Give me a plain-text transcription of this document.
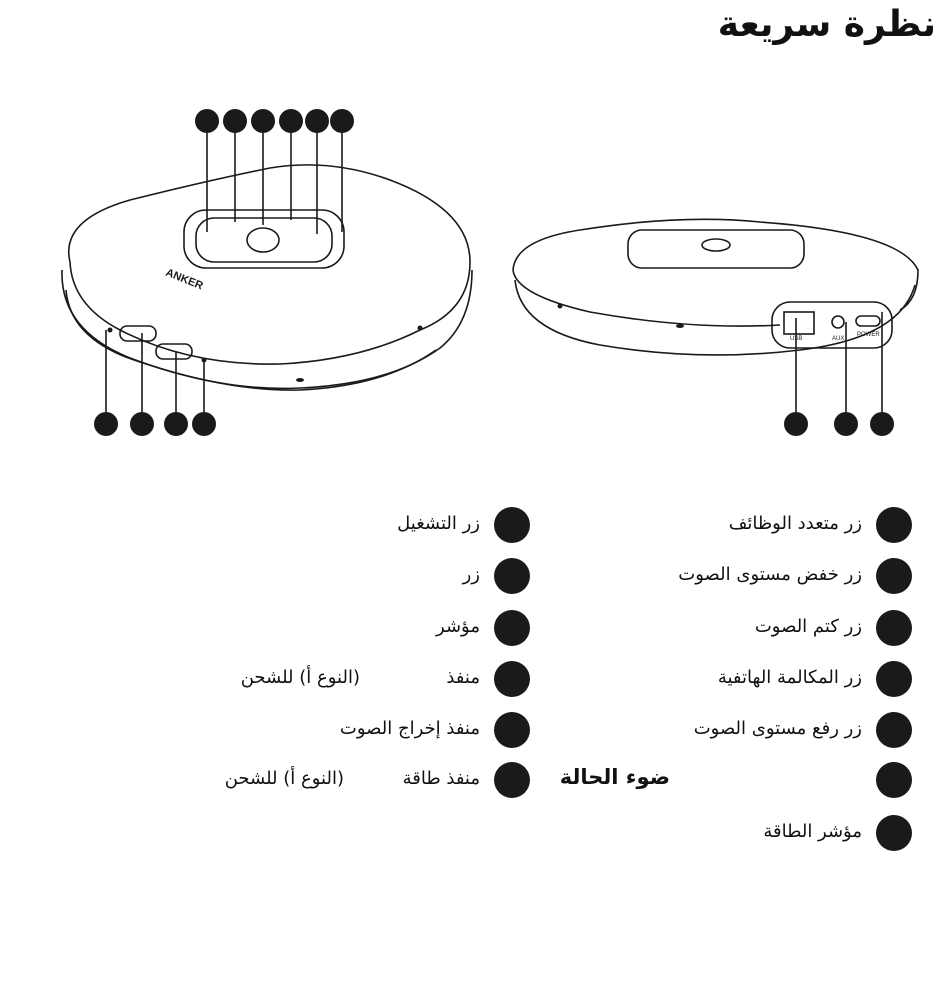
نظرة سريعة
ANKER
USB	AUX
POWER
زر متعدد الوظائف
زر خفض مستوى الصوت
زر كتم الصوت
زر المكالمة الهاتفية
زر رفع مستوى الصوت
ضوء الحالة
مؤشر الطاقة
زر التشغيل
زر
مؤشر
منفذ
(النوع أ) للشحن
منفذ إخراج الصوت
منفذ طاقة
(النوع أ) للشحن
